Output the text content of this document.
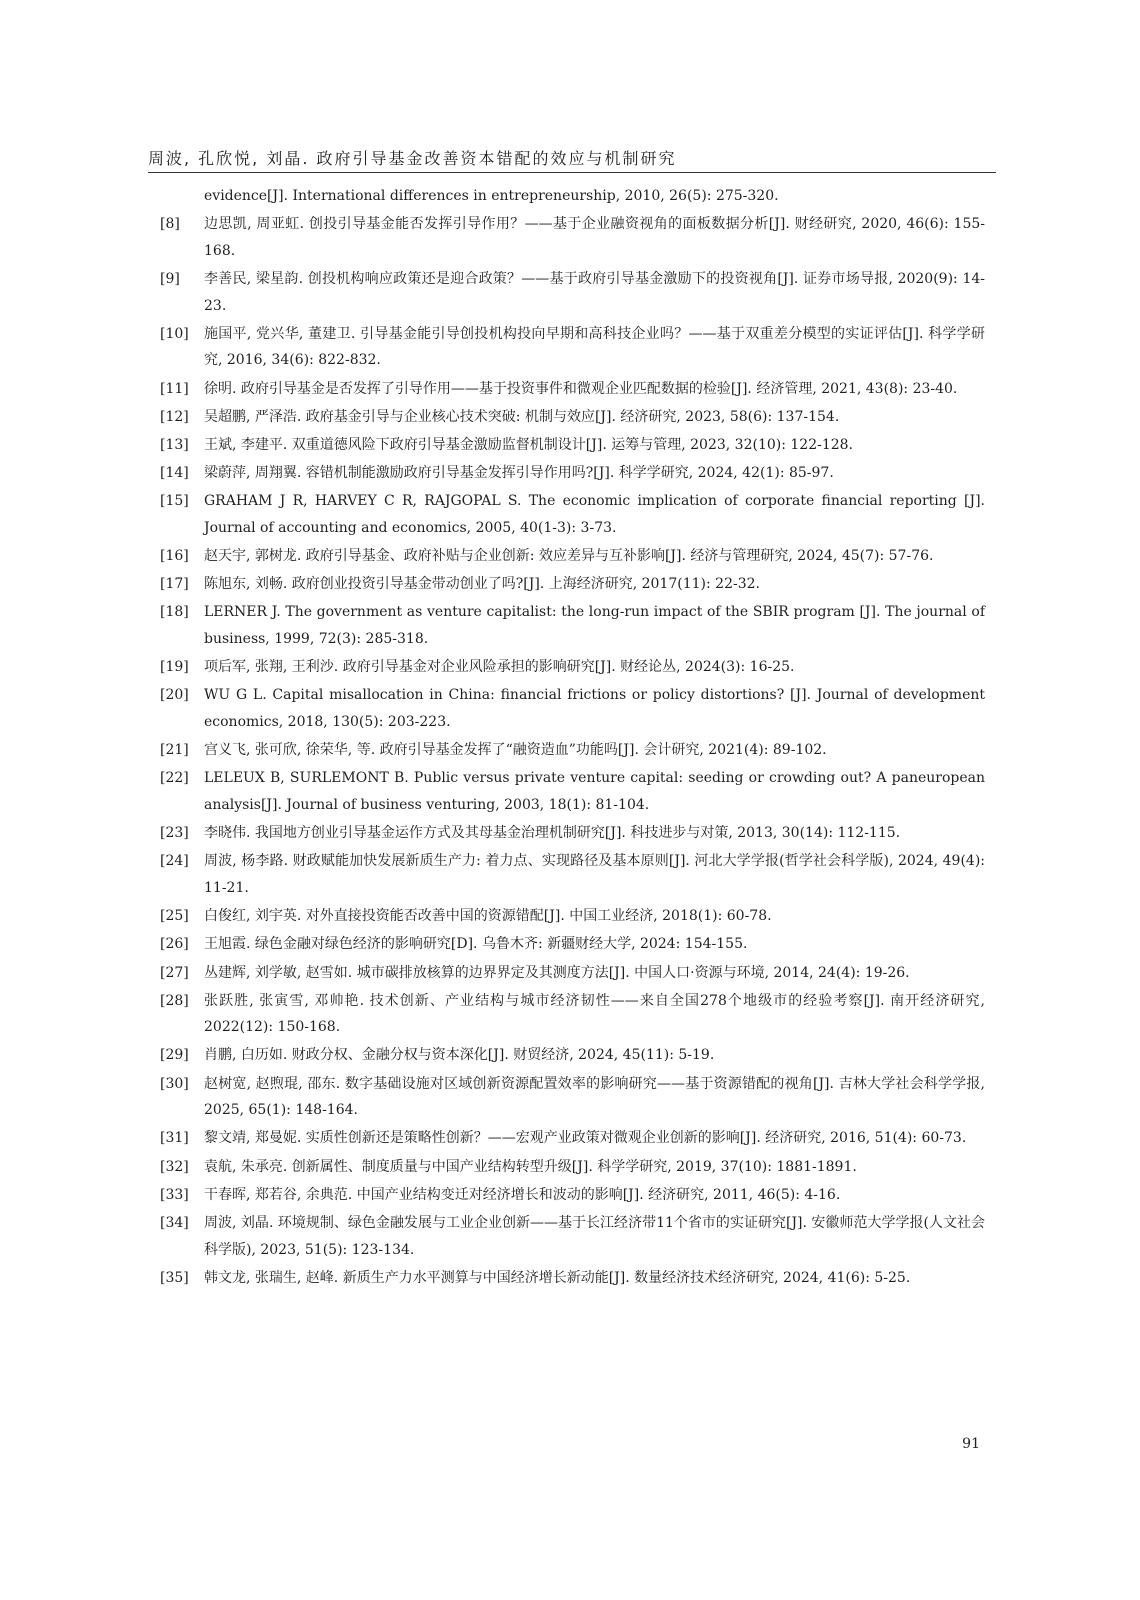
周波, 孔欣悦, 刘晶. 政府引导基金改善资本错配的效应与机制研究
evidence[J]. International differences in entrepreneurship, 2010, 26(5): 275-320.
[8]	边思凯, 周亚虹. 创投引导基金能否发挥引导作用？——基于企业融资视角的面板数据分析[J]. 财经研究, 2020, 46(6): 155-168.
[9]	李善民, 梁星韵. 创投机构响应政策还是迎合政策？——基于政府引导基金激励下的投资视角[J]. 证券市场导报, 2020(9): 14-23.
[10]	施国平, 党兴华, 董建卫. 引导基金能引导创投机构投向早期和高科技企业吗？——基于双重差分模型的实证评估[J]. 科学学研究, 2016, 34(6): 822-832.
[11]	徐明. 政府引导基金是否发挥了引导作用——基于投资事件和微观企业匹配数据的检验[J]. 经济管理, 2021, 43(8): 23-40.
[12]	吴超鹏, 严泽浩. 政府基金引导与企业核心技术突破: 机制与效应[J]. 经济研究, 2023, 58(6): 137-154.
[13]	王斌, 李建平. 双重道德风险下政府引导基金激励监督机制设计[J]. 运筹与管理, 2023, 32(10): 122-128.
[14]	梁蔚萍, 周翔翼. 容错机制能激励政府引导基金发挥引导作用吗?[J]. 科学学研究, 2024, 42(1): 85-97.
[15]	GRAHAM J R, HARVEY C R, RAJGOPAL S. The economic implication of corporate financial reporting [J]. Journal of accounting and economics, 2005, 40(1-3): 3-73.
[16]	赵天宇, 郭树龙. 政府引导基金、政府补贴与企业创新: 效应差异与互补影响[J]. 经济与管理研究, 2024, 45(7): 57-76.
[17]	陈旭东, 刘畅. 政府创业投资引导基金带动创业了吗?[J]. 上海经济研究, 2017(11): 22-32.
[18]	LERNER J. The government as venture capitalist: the long-run impact of the SBIR program [J]. The journal of business, 1999, 72(3): 285-318.
[19]	项后军, 张翔, 王利沙. 政府引导基金对企业风险承担的影响研究[J]. 财经论丛, 2024(3): 16-25.
[20]	WU G L. Capital misallocation in China: financial frictions or policy distortions? [J]. Journal of development economics, 2018, 130(5): 203-223.
[21]	宫义飞, 张可欣, 徐荣华, 等. 政府引导基金发挥了“融资造血”功能吗[J]. 会计研究, 2021(4): 89-102.
[22]	LELEUX B, SURLEMONT B. Public versus private venture capital: seeding or crowding out? A paneuropean analysis[J]. Journal of business venturing, 2003, 18(1): 81-104.
[23]	李晓伟. 我国地方创业引导基金运作方式及其母基金治理机制研究[J]. 科技进步与对策, 2013, 30(14): 112-115.
[24]	周波, 杨李路. 财政赋能加快发展新质生产力: 着力点、实现路径及基本原则[J]. 河北大学学报(哲学社会科学版), 2024, 49(4): 11-21.
[25]	白俊红, 刘宇英. 对外直接投资能否改善中国的资源错配[J]. 中国工业经济, 2018(1): 60-78.
[26]	王旭霞. 绿色金融对绿色经济的影响研究[D]. 乌鲁木齐: 新疆财经大学, 2024: 154-155.
[27]	丛建辉, 刘学敏, 赵雪如. 城市碳排放核算的边界界定及其测度方法[J]. 中国人口·资源与环境, 2014, 24(4): 19-26.
[28]	张跃胜, 张寅雪, 邓帅艳. 技术创新、产业结构与城市经济韧性——来自全国278个地级市的经验考察[J]. 南开经济研究, 2022(12): 150-168.
[29]	肖鹏, 白历如. 财政分权、金融分权与资本深化[J]. 财贸经济, 2024, 45(11): 5-19.
[30]	赵树宽, 赵煦琨, 邵东. 数字基础设施对区域创新资源配置效率的影响研究——基于资源错配的视角[J]. 吉林大学社会科学学报, 2025, 65(1): 148-164.
[31]	黎文靖, 郑曼妮. 实质性创新还是策略性创新？——宏观产业政策对微观企业创新的影响[J]. 经济研究, 2016, 51(4): 60-73.
[32]	袁航, 朱承亮. 创新属性、制度质量与中国产业结构转型升级[J]. 科学学研究, 2019, 37(10): 1881-1891.
[33]	干春晖, 郑若谷, 余典范. 中国产业结构变迁对经济增长和波动的影响[J]. 经济研究, 2011, 46(5): 4-16.
[34]	周波, 刘晶. 环境规制、绿色金融发展与工业企业创新——基于长江经济带11个省市的实证研究[J]. 安徽师范大学学报(人文社会科学版), 2023, 51(5): 123-134.
[35]	韩文龙, 张瑞生, 赵峰. 新质生产力水平测算与中国经济增长新动能[J]. 数量经济技术经济研究, 2024, 41(6): 5-25.
91
